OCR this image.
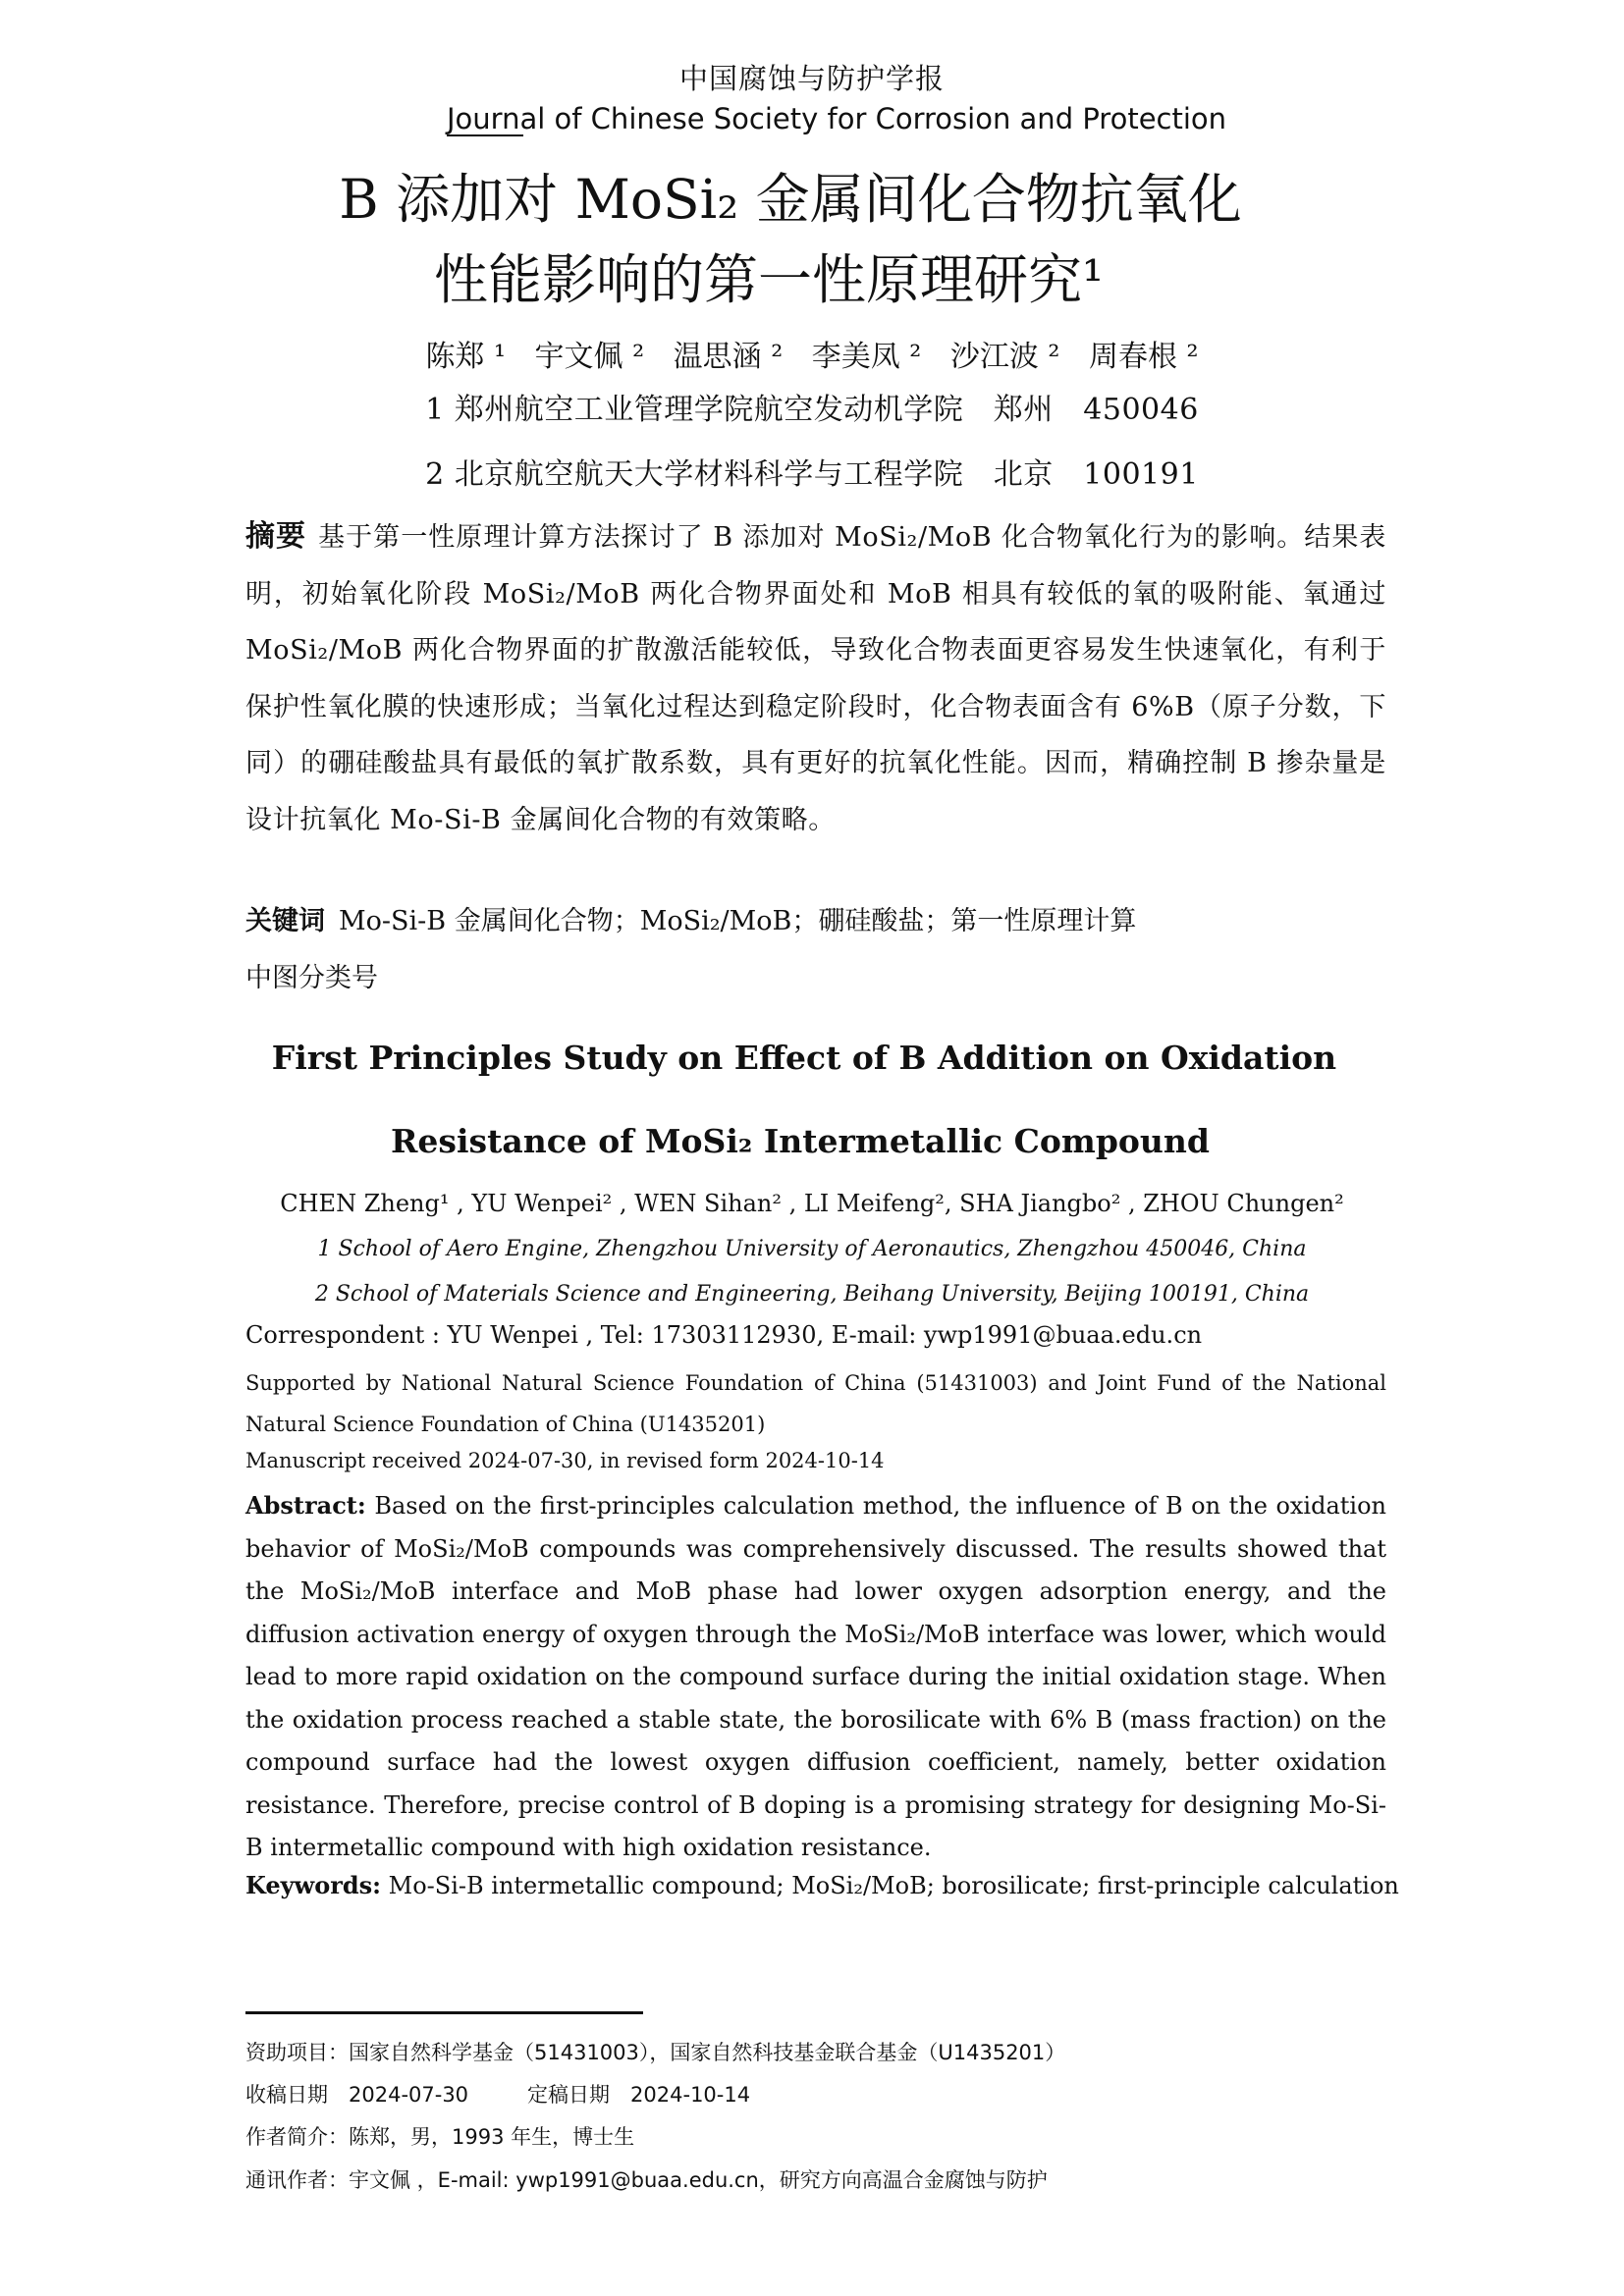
中国腐蚀与防护学报
Journal of Chinese Society for Corrosion and Protection
B 添加对 MoSi₂ 金属间化合物抗氧化
性能影响的第一性原理研究¹
陈郑 ¹ 宇文佩 ² 温思涵 ² 李美凤 ² 沙江波 ² 周春根 ²
1 郑州航空工业管理学院航空发动机学院　郑州　450046
2 北京航空航天大学材料科学与工程学院　北京　100191
摘要 基于第一性原理计算方法探讨了 B 添加对 MoSi₂/MoB 化合物氧化行为的影响。结果表明，初始氧化阶段 MoSi₂/MoB 两化合物界面处和 MoB 相具有较低的氧的吸附能、氧通过 MoSi₂/MoB 两化合物界面的扩散激活能较低，导致化合物表面更容易发生快速氧化，有利于保护性氧化膜的快速形成；当氧化过程达到稳定阶段时，化合物表面含有 6%B（原子分数，下同）的硼硅酸盐具有最低的氧扩散系数，具有更好的抗氧化性能。因而，精确控制 B 掺杂量是设计抗氧化 Mo-Si-B 金属间化合物的有效策略。
关键词 Mo-Si-B 金属间化合物；MoSi₂/MoB；硼硅酸盐；第一性原理计算
中图分类号
First Principles Study on Effect of B Addition on Oxidation
Resistance of MoSi₂ Intermetallic Compound
CHEN Zheng¹ , YU Wenpei² , WEN Sihan² , LI Meifeng², SHA Jiangbo² , ZHOU Chungen²
1 School of Aero Engine, Zhengzhou University of Aeronautics, Zhengzhou 450046, China
2 School of Materials Science and Engineering, Beihang University, Beijing 100191, China
Correspondent : YU Wenpei , Tel: 17303112930, E-mail: ywp1991@buaa.edu.cn
Supported by National Natural Science Foundation of China (51431003) and Joint Fund of the National Natural Science Foundation of China (U1435201)
Manuscript received 2024-07-30, in revised form 2024-10-14
Abstract: Based on the first-principles calculation method, the influence of B on the oxidation behavior of MoSi₂/MoB compounds was comprehensively discussed. The results showed that the MoSi₂/MoB interface and MoB phase had lower oxygen adsorption energy, and the diffusion activation energy of oxygen through the MoSi₂/MoB interface was lower, which would lead to more rapid oxidation on the compound surface during the initial oxidation stage. When the oxidation process reached a stable state, the borosilicate with 6% B (mass fraction) on the compound surface had the lowest oxygen diffusion coefficient, namely, better oxidation resistance. Therefore, precise control of B doping is a promising strategy for designing Mo-Si-B intermetallic compound with high oxidation resistance.
Keywords: Mo-Si-B intermetallic compound; MoSi₂/MoB; borosilicate; first-principle calculation
资助项目：国家自然科学基金（51431003），国家自然科技基金联合基金（U1435201）
收稿日期　2024-07-30	定稿日期　2024-10-14
作者简介：陈郑，男，1993 年生，博士生
通讯作者：宇文佩 ，E-mail: ywp1991@buaa.edu.cn，研究方向高温合金腐蚀与防护
